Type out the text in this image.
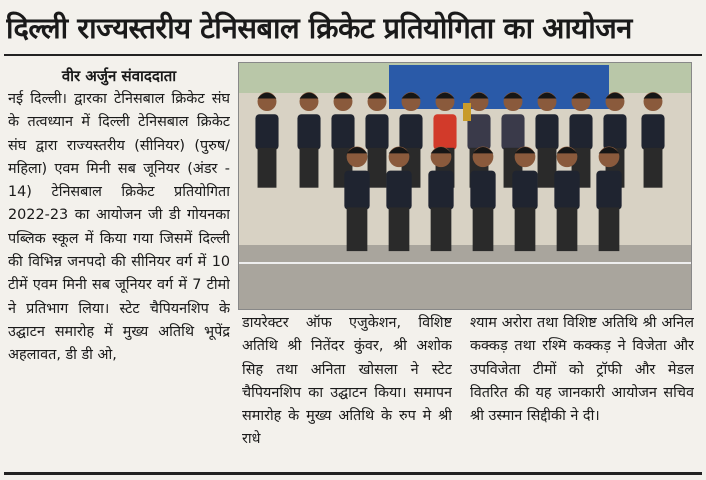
दिल्ली राज्यस्तरीय टेनिसबाल क्रिकेट प्रतियोगिता का आयोजन
वीर अर्जुन संवाददाता

नई दिल्ली। द्वारका टेनिसबाल क्रिकेट संघ के तत्वध्यान में दिल्ली टेनिसबाल क्रिकेट संघ द्वारा राज्यस्तरीय (सीनियर) (पुरुष/महिला) एवम मिनी सब जूनियर (अंडर - 14) टेनिसबाल क्रिकेट प्रतियोगिता 2022-23 का आयोजन जी डी गोयनका पब्लिक स्कूल में किया गया जिसमें दिल्ली की विभिन्न जनपदो की सीनियर वर्ग में 10 टीमें एवम मिनी सब जूनियर वर्ग में 7 टीमो ने प्रतिभाग लिया। स्टेट चैपियनशिप के उद्घाटन समारोह में मुख्य अतिथि भूपेंद्र अहलावत, डी डी ओ,

डायरेक्टर ऑफ एजुकेशन, विशिष्ट अतिथि श्री नितेंदर कुंवर, श्री अशोक सिह तथा अनिता खोसला ने स्टेट चैपियनशिप का उद्घाटन किया। समापन समारोह के मुख्य अतिथि के रुप मे श्री राधे

श्याम अरोरा तथा विशिष्ट अतिथि श्री अनिल कक्कड़ तथा रश्मि कक्कड़ ने विजेता और उपविजेता टीमों को ट्रॉफी और मेडल वितरित की यह जानकारी आयोजन सचिव श्री उस्मान सिद्दीकी ने दी।
